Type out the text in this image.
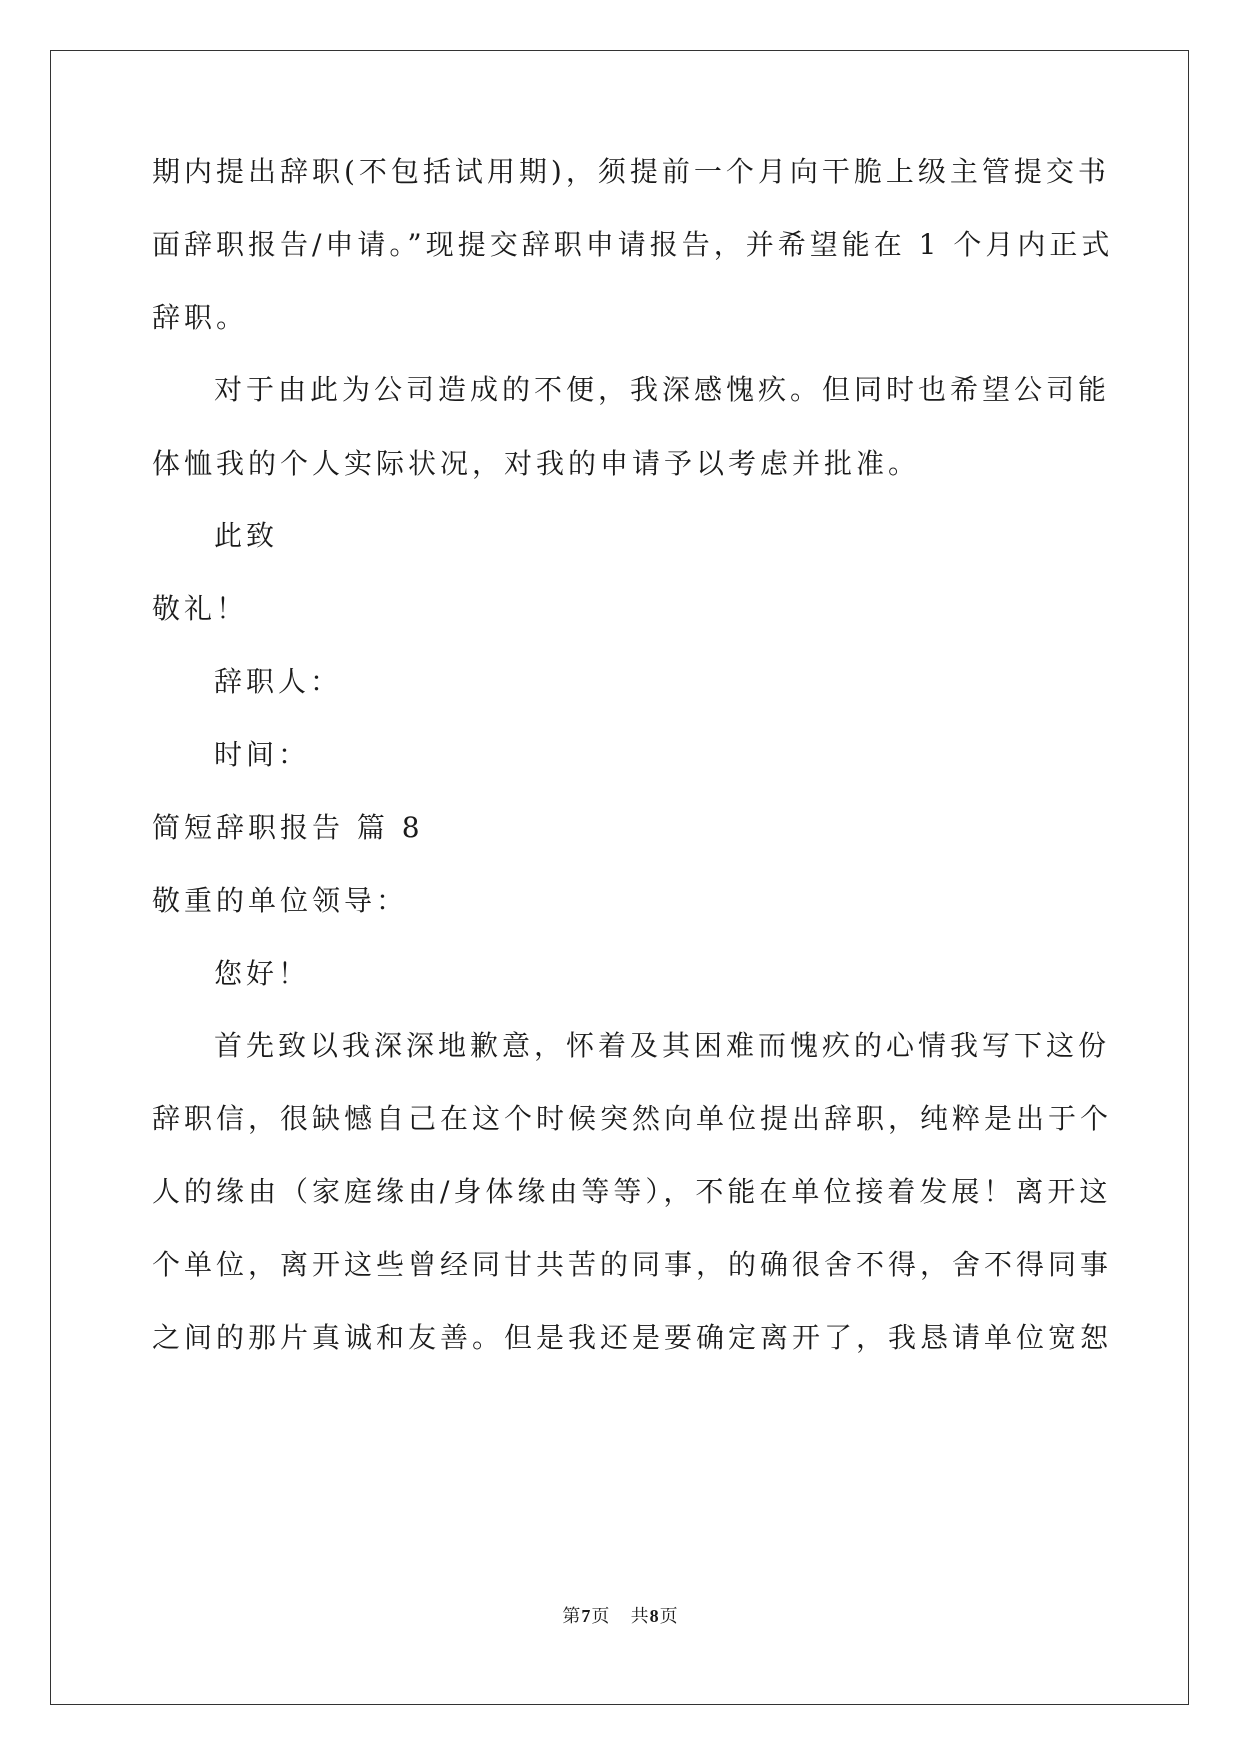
期内提出辞职(不包括试用期)，须提前一个月向干脆上级主管提交书
面辞职报告/申请。”现提交辞职申请报告，并希望能在 1 个月内正式
辞职。
对于由此为公司造成的不便，我深感愧疚。但同时也希望公司能
体恤我的个人实际状况，对我的申请予以考虑并批准。
此致
敬礼！
辞职人：
时间：
简短辞职报告 篇 8
敬重的单位领导：
您好！
首先致以我深深地歉意，怀着及其困难而愧疚的心情我写下这份
辞职信，很缺憾自己在这个时候突然向单位提出辞职，纯粹是出于个
人的缘由（家庭缘由/身体缘由等等），不能在单位接着发展！离开这
个单位，离开这些曾经同甘共苦的同事，的确很舍不得，舍不得同事
之间的那片真诚和友善。但是我还是要确定离开了，我恳请单位宽恕
第7页 共8页
